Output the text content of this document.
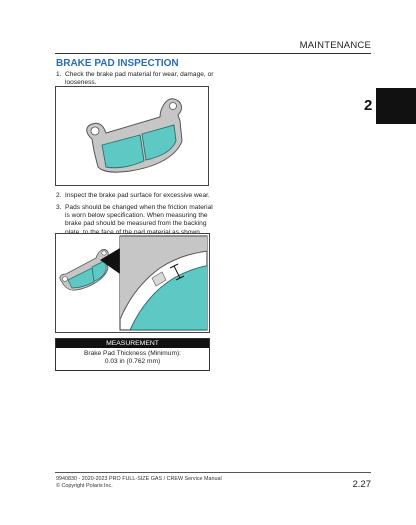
MAINTENANCE
2
BRAKE PAD INSPECTION
1. Check the brake pad material for wear, damage, or looseness.
2. Inspect the brake pad surface for excessive wear.
3. Pads should be changed when the friction material is worn below specification. When measuring the brake pad should be measured from the backing
MEASUREMENT
Brake Pad Thickness (Minimum):
0.03 in (0.762 mm)
9940830 - 2020-2023 PRO FULL-SIZE GAS / CREW Service Manual
© Copyright Polaris Inc.	2.27
